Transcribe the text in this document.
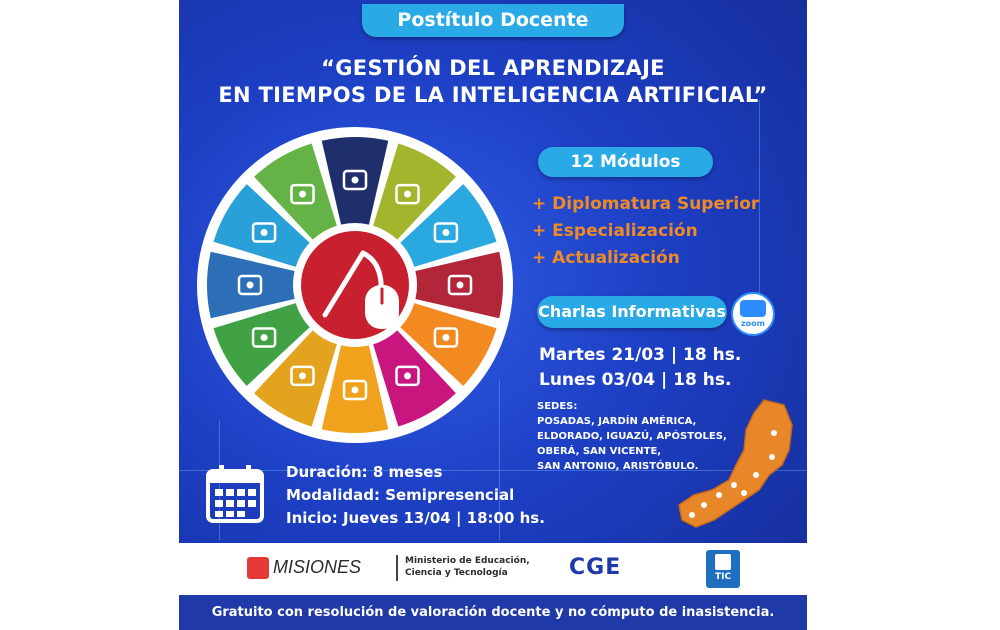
Postítulo Docente
“GESTIÓN DEL APRENDIZAJE
EN TIEMPOS DE LA INTELIGENCIA ARTIFICIAL”
12 Módulos
+ Diplomatura Superior
+ Especialización
+ Actualización
Charlas Informativas
zoom
Martes 21/03 | 18 hs.
Lunes 03/04 | 18 hs.
SEDES:
POSADAS, JARDÍN AMÉRICA,
ELDORADO, IGUAZÚ, APÓSTOLES,
OBERÁ, SAN VICENTE,
SAN ANTONIO, ARISTÓBULO.
Duración: 8 meses
Modalidad: Semipresencial
Inicio: Jueves 13/04 | 18:00 hs.
MISIONES	Ministerio de Educación,
Ciencia y Tecnología	CGE	TIC
Gratuito con resolución de valoración docente y no cómputo de inasistencia.
